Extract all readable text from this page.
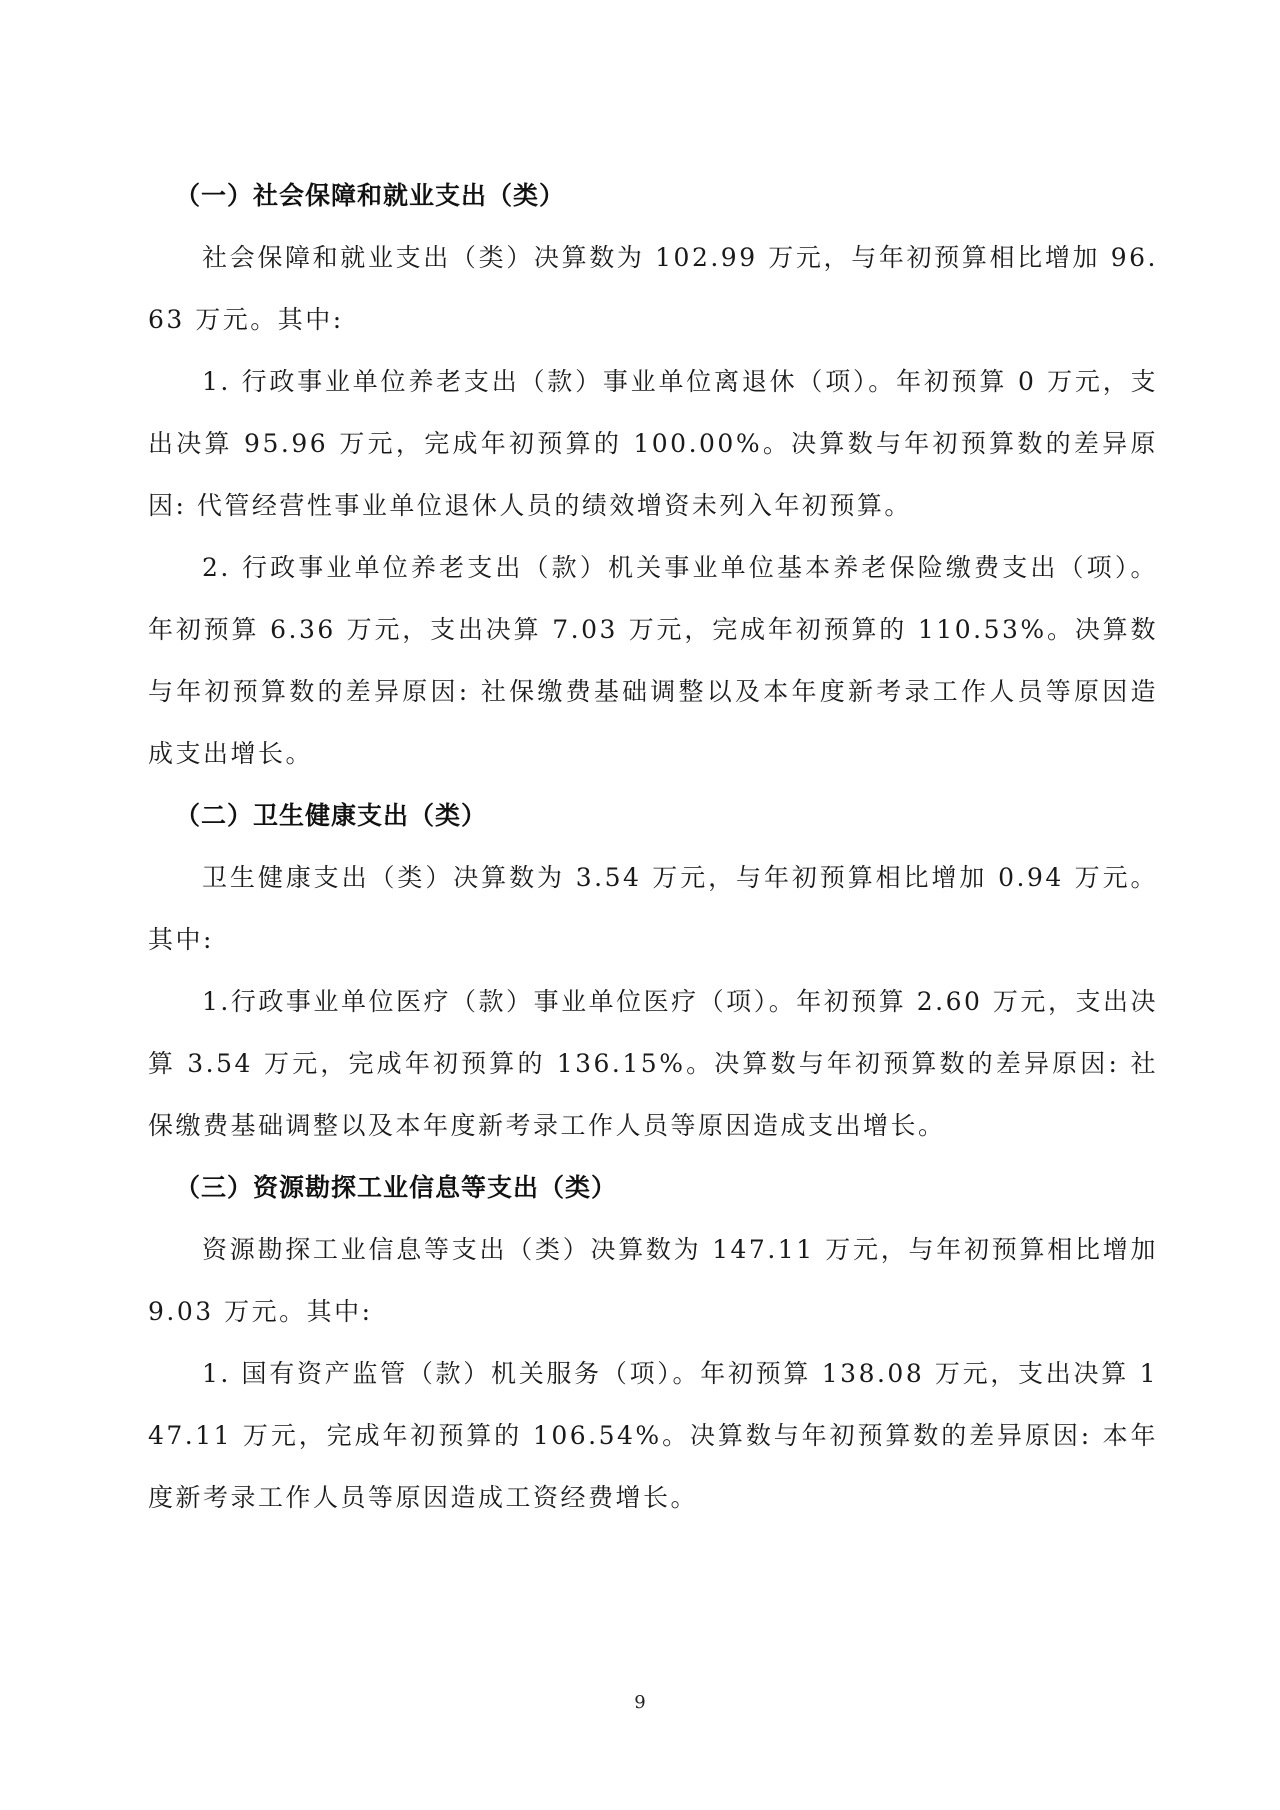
（一）社会保障和就业支出（类）

社会保障和就业支出（类）决算数为 102.99 万元，与年初预算相比增加 96.63 万元。其中:

1. 行政事业单位养老支出（款）事业单位离退休（项）。年初预算 0 万元，支出决算 95.96 万元，完成年初预算的 100.00%。决算数与年初预算数的差异原因: 代管经营性事业单位退休人员的绩效增资未列入年初预算。

2. 行政事业单位养老支出（款）机关事业单位基本养老保险缴费支出（项）。年初预算 6.36 万元，支出决算 7.03 万元，完成年初预算的 110.53%。决算数与年初预算数的差异原因: 社保缴费基础调整以及本年度新考录工作人员等原因造成支出增长。

（二）卫生健康支出（类）

卫生健康支出（类）决算数为 3.54 万元，与年初预算相比增加 0.94 万元。其中:

1.行政事业单位医疗（款）事业单位医疗（项）。年初预算 2.60 万元，支出决算 3.54 万元，完成年初预算的 136.15%。决算数与年初预算数的差异原因: 社保缴费基础调整以及本年度新考录工作人员等原因造成支出增长。

（三）资源勘探工业信息等支出（类）

资源勘探工业信息等支出（类）决算数为 147.11 万元，与年初预算相比增加 9.03 万元。其中:

1. 国有资产监管（款）机关服务（项）。年初预算 138.08 万元，支出决算 147.11 万元，完成年初预算的 106.54%。决算数与年初预算数的差异原因: 本年度新考录工作人员等原因造成工资经费增长。

9
